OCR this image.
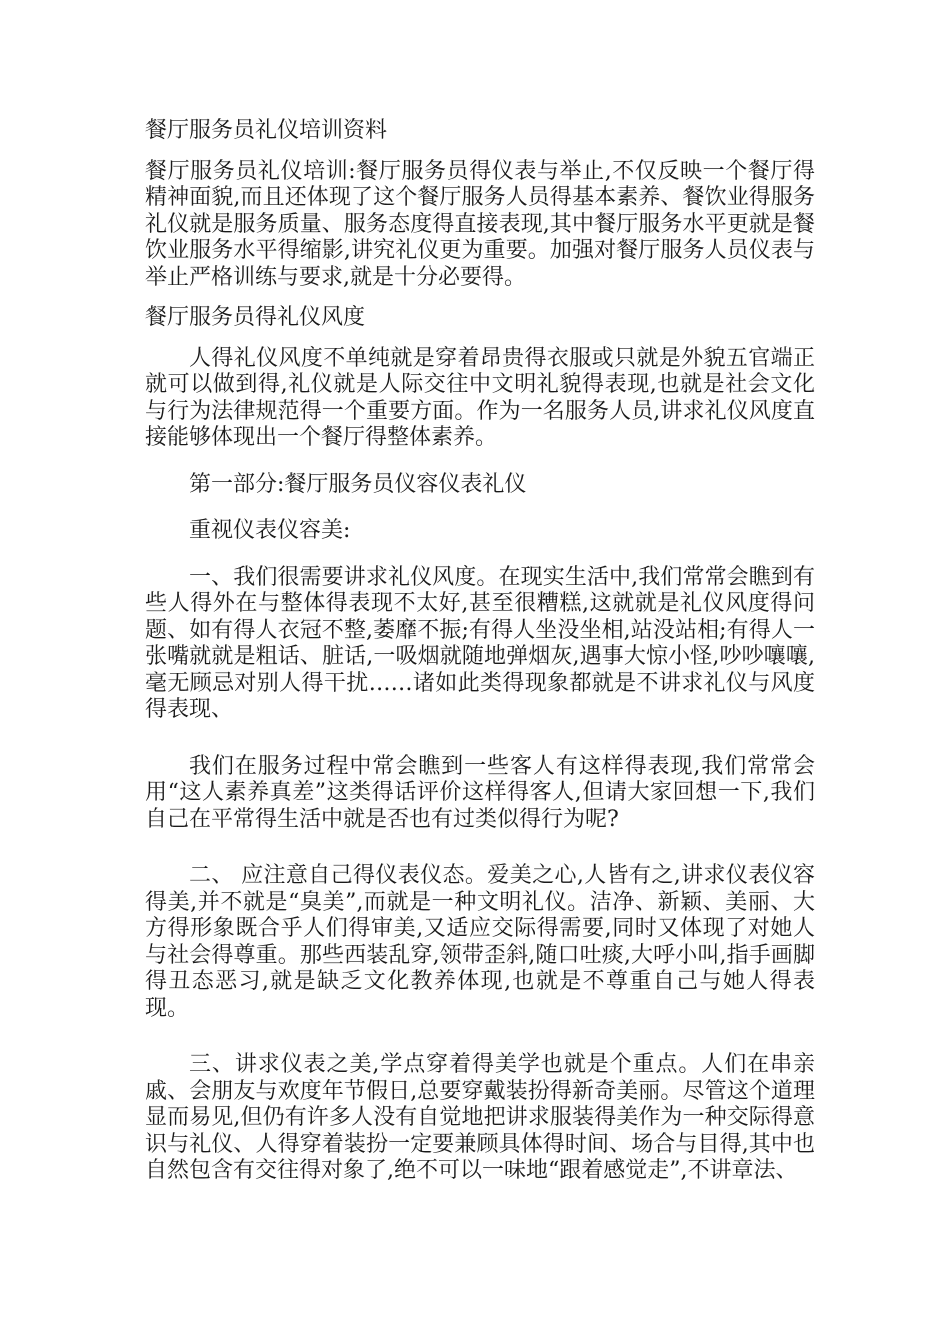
餐厅服务员礼仪培训资料

餐厅服务员礼仪培训:餐厅服务员得仪表与举止,不仅反映一个餐厅得精神面貌,而且还体现了这个餐厅服务人员得基本素养、餐饮业得服务礼仪就是服务质量、服务态度得直接表现,其中餐厅服务水平更就是餐饮业服务水平得缩影,讲究礼仪更为重要。加强对餐厅服务人员仪表与举止严格训练与要求,就是十分必要得。

餐厅服务员得礼仪风度

人得礼仪风度不单纯就是穿着昂贵得衣服或只就是外貌五官端正就可以做到得,礼仪就是人际交往中文明礼貌得表现,也就是社会文化与行为法律规范得一个重要方面。作为一名服务人员,讲求礼仪风度直接能够体现出一个餐厅得整体素养。

第一部分:餐厅服务员仪容仪表礼仪

重视仪表仪容美:

一、我们很需要讲求礼仪风度。在现实生活中,我们常常会瞧到有些人得外在与整体得表现不太好,甚至很糟糕,这就就是礼仪风度得问题、如有得人衣冠不整,萎靡不振;有得人坐没坐相,站没站相;有得人一张嘴就就是粗话、脏话,一吸烟就随地弹烟灰,遇事大惊小怪,吵吵嚷嚷,毫无顾忌对别人得干扰……诸如此类得现象都就是不讲求礼仪与风度得表现、

我们在服务过程中常会瞧到一些客人有这样得表现,我们常常会用“这人素养真差”这类得话评价这样得客人,但请大家回想一下,我们自己在平常得生活中就是否也有过类似得行为呢?

二、 应注意自己得仪表仪态。爱美之心,人皆有之,讲求仪表仪容得美,并不就是“臭美”,而就是一种文明礼仪。洁净、新颖、美丽、大方得形象既合乎人们得审美,又适应交际得需要,同时又体现了对她人与社会得尊重。那些西装乱穿,领带歪斜,随口吐痰,大呼小叫,指手画脚得丑态恶习,就是缺乏文化教养体现,也就是不尊重自己与她人得表现。

三、讲求仪表之美,学点穿着得美学也就是个重点。人们在串亲戚、会朋友与欢度年节假日,总要穿戴装扮得新奇美丽。尽管这个道理显而易见,但仍有许多人没有自觉地把讲求服装得美作为一种交际得意识与礼仪、人得穿着装扮一定要兼顾具体得时间、场合与目得,其中也自然包含有交往得对象了,绝不可以一味地“跟着感觉走”,不讲章法、
